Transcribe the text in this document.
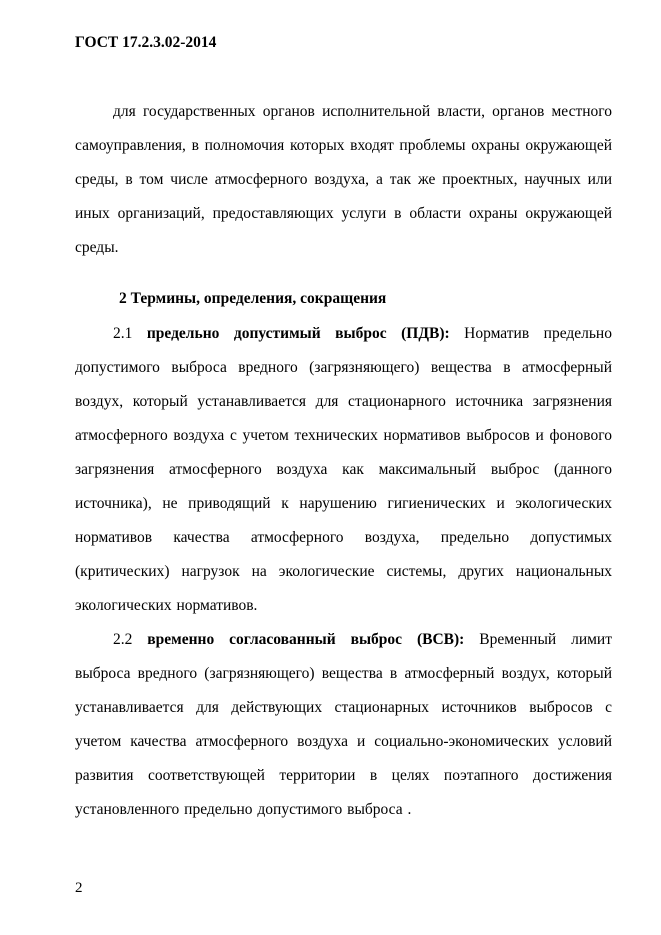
ГОСТ 17.2.3.02-2014

для государственных органов исполнительной власти, органов местного самоуправления, в полномочия которых входят проблемы охраны окружающей среды, в том числе атмосферного воздуха, а так же проектных, научных или иных организаций, предоставляющих услуги в области охраны окружающей среды.

2 Термины, определения, сокращения

2.1 предельно допустимый выброс (ПДВ): Норматив предельно допустимого выброса вредного (загрязняющего) вещества в атмосферный воздух, который устанавливается для стационарного источника загрязнения атмосферного воздуха с учетом технических нормативов выбросов и фонового загрязнения атмосферного воздуха как максимальный выброс (данного источника), не приводящий к нарушению гигиенических и экологических нормативов качества атмосферного воздуха, предельно допустимых (критических) нагрузок на экологические системы, других национальных экологических нормативов.

2.2 временно согласованный выброс (ВСВ): Временный лимит выброса вредного (загрязняющего) вещества в атмосферный воздух, который устанавливается для действующих стационарных источников выбросов с учетом качества атмосферного воздуха и социально-экономических условий развития соответствующей территории в целях поэтапного достижения установленного предельно допустимого выброса .

2
